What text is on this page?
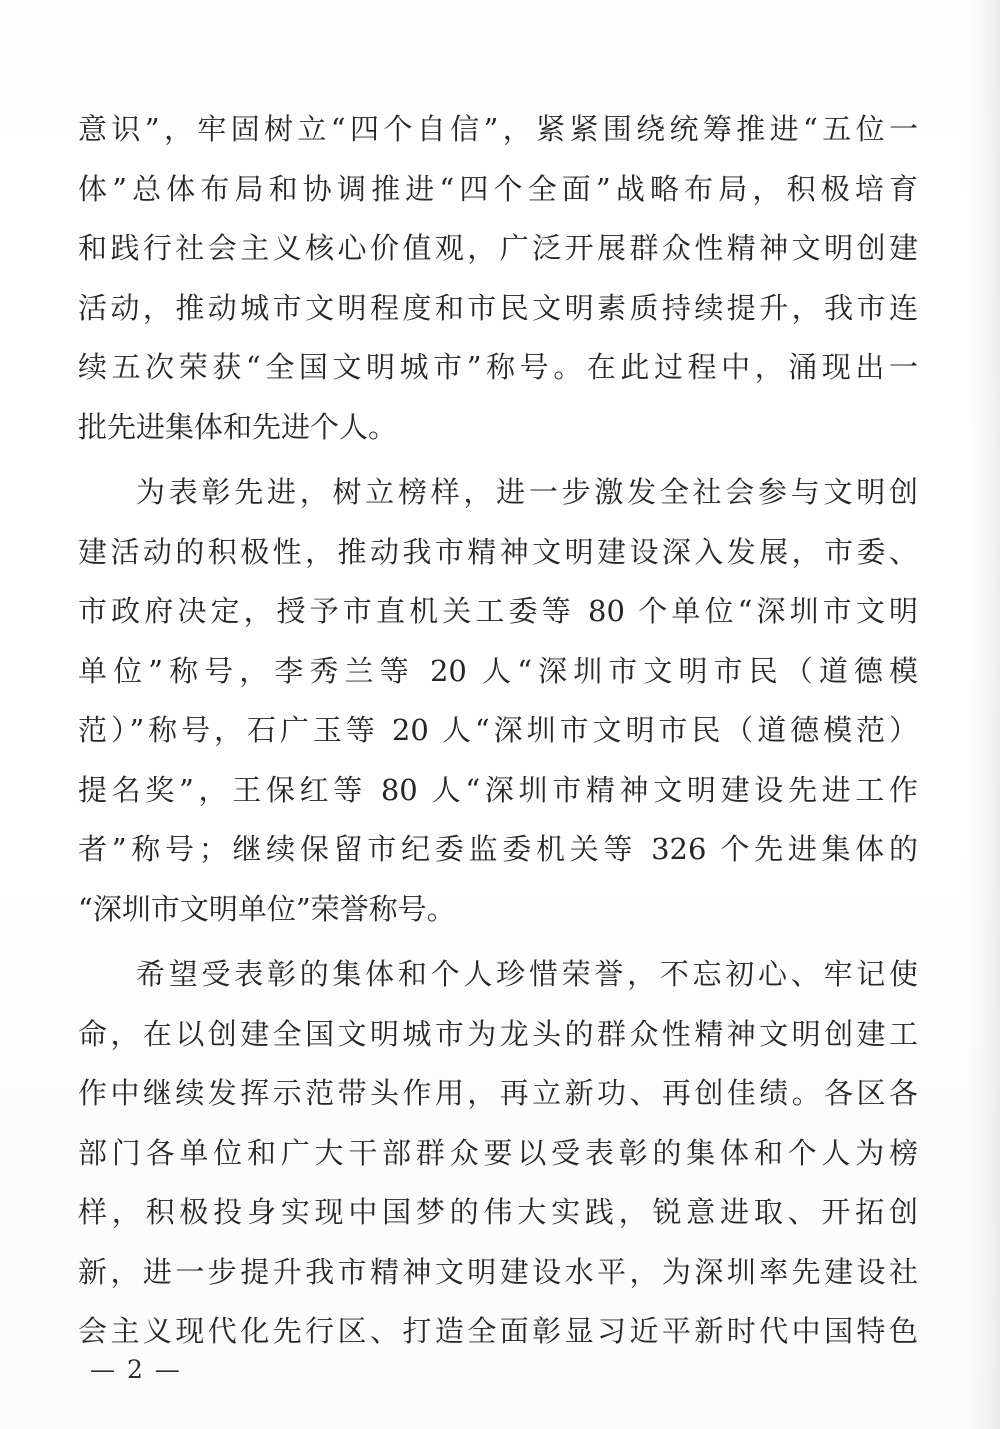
意识”，牢固树立“四个自信”，紧紧围绕统筹推进“五位一
体”总体布局和协调推进“四个全面”战略布局，积极培育
和践行社会主义核心价值观，广泛开展群众性精神文明创建
活动，推动城市文明程度和市民文明素质持续提升，我市连
续五次荣获“全国文明城市”称号。在此过程中，涌现出一
批先进集体和先进个人。
为表彰先进，树立榜样，进一步激发全社会参与文明创
建活动的积极性，推动我市精神文明建设深入发展，市委、
市政府决定，授予市直机关工委等 80 个单位“深圳市文明
单位”称号，李秀兰等 20 人“深圳市文明市民（道德模
范）”称号，石广玉等 20 人“深圳市文明市民（道德模范）
提名奖”，王保红等 80 人“深圳市精神文明建设先进工作
者”称号；继续保留市纪委监委机关等 326 个先进集体的
“深圳市文明单位”荣誉称号。
希望受表彰的集体和个人珍惜荣誉，不忘初心、牢记使
命，在以创建全国文明城市为龙头的群众性精神文明创建工
作中继续发挥示范带头作用，再立新功、再创佳绩。各区各
部门各单位和广大干部群众要以受表彰的集体和个人为榜
样，积极投身实现中国梦的伟大实践，锐意进取、开拓创
新，进一步提升我市精神文明建设水平，为深圳率先建设社
会主义现代化先行区、打造全面彰显习近平新时代中国特色
— 2 —
